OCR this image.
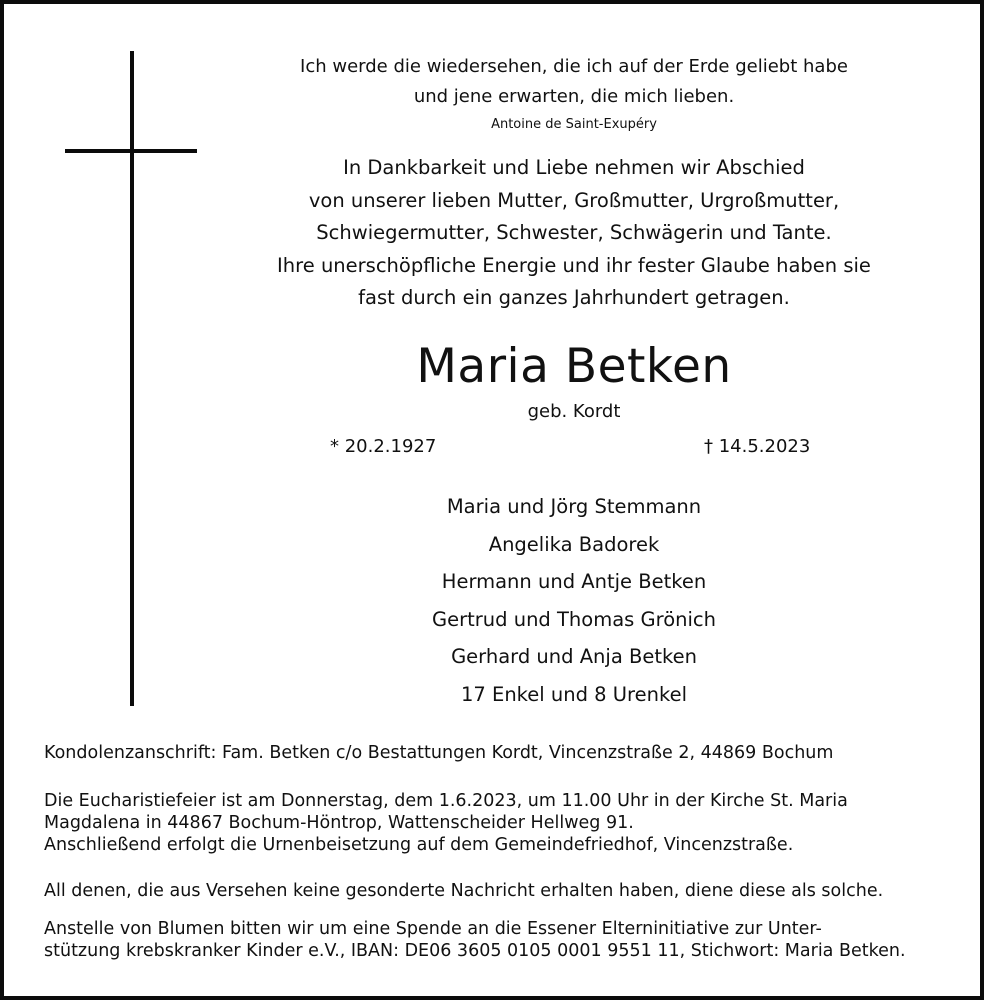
Ich werde die wiedersehen, die ich auf der Erde geliebt habe
und jene erwarten, die mich lieben.
Antoine de Saint-Exupéry
In Dankbarkeit und Liebe nehmen wir Abschied
von unserer lieben Mutter, Großmutter, Urgroßmutter,
Schwiegermutter, Schwester, Schwägerin und Tante.
Ihre unerschöpfliche Energie und ihr fester Glaube haben sie
fast durch ein ganzes Jahrhundert getragen.
Maria Betken
geb. Kordt
* 20.2.1927	† 14.5.2023
Maria und Jörg Stemmann
Angelika Badorek
Hermann und Antje Betken
Gertrud und Thomas Grönich
Gerhard und Anja Betken
17 Enkel und 8 Urenkel
Kondolenzanschrift: Fam. Betken c/o Bestattungen Kordt, Vincenzstraße 2, 44869 Bochum
Die Eucharistiefeier ist am Donnerstag, dem 1.6.2023, um 11.00 Uhr in der Kirche St. Maria
Magdalena in 44867 Bochum-Höntrop, Wattenscheider Hellweg 91.
Anschließend erfolgt die Urnenbeisetzung auf dem Gemeindefriedhof, Vincenzstraße.
All denen, die aus Versehen keine gesonderte Nachricht erhalten haben, diene diese als solche.
Anstelle von Blumen bitten wir um eine Spende an die Essener Elterninitiative zur Unter-
stützung krebskranker Kinder e.V., IBAN: DE06 3605 0105 0001 9551 11, Stichwort: Maria Betken.
